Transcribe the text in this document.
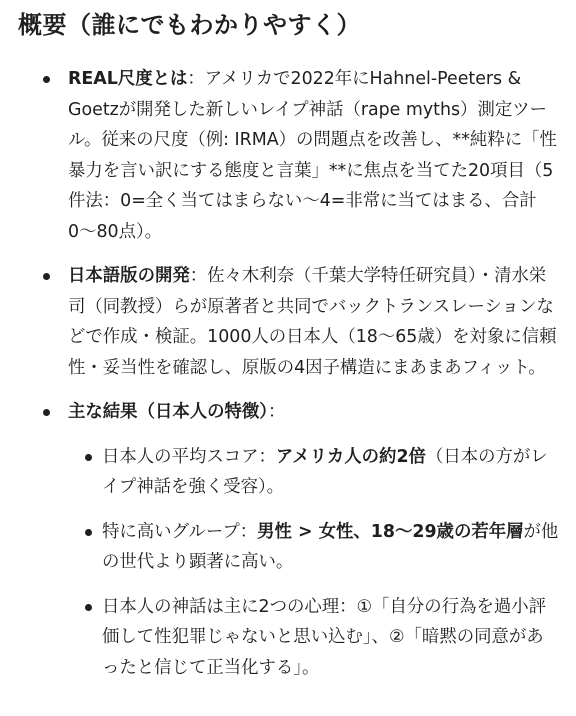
概要（誰にでもわかりやすく）
REAL尺度とは：アメリカで2022年にHahnel-Peeters & Goetzが開発した新しいレイプ神話（rape myths）測定ツール。従来の尺度（例: IRMA）の問題点を改善し、**純粋に「性暴力を言い訳にする態度と言葉」**に焦点を当てた20項目（5件法：0=全く当てはまらない〜4=非常に当てはまる、合計0〜80点）。
日本語版の開発：佐々木利奈（千葉大学特任研究員）・清水栄司（同教授）らが原著者と共同でバックトランスレーションなどで作成・検証。1000人の日本人（18〜65歳）を対象に信頼性・妥当性を確認し、原版の4因子構造にまあまあフィット。
主な結果（日本人の特徴）：
日本人の平均スコア：アメリカ人の約2倍（日本の方がレイプ神話を強く受容）。
特に高いグループ：男性 > 女性、18〜29歳の若年層が他の世代より顕著に高い。
日本人の神話は主に2つの心理：①「自分の行為を過小評価して性犯罪じゃないと思い込む」、②「暗黙の同意があったと信じて正当化する」。
